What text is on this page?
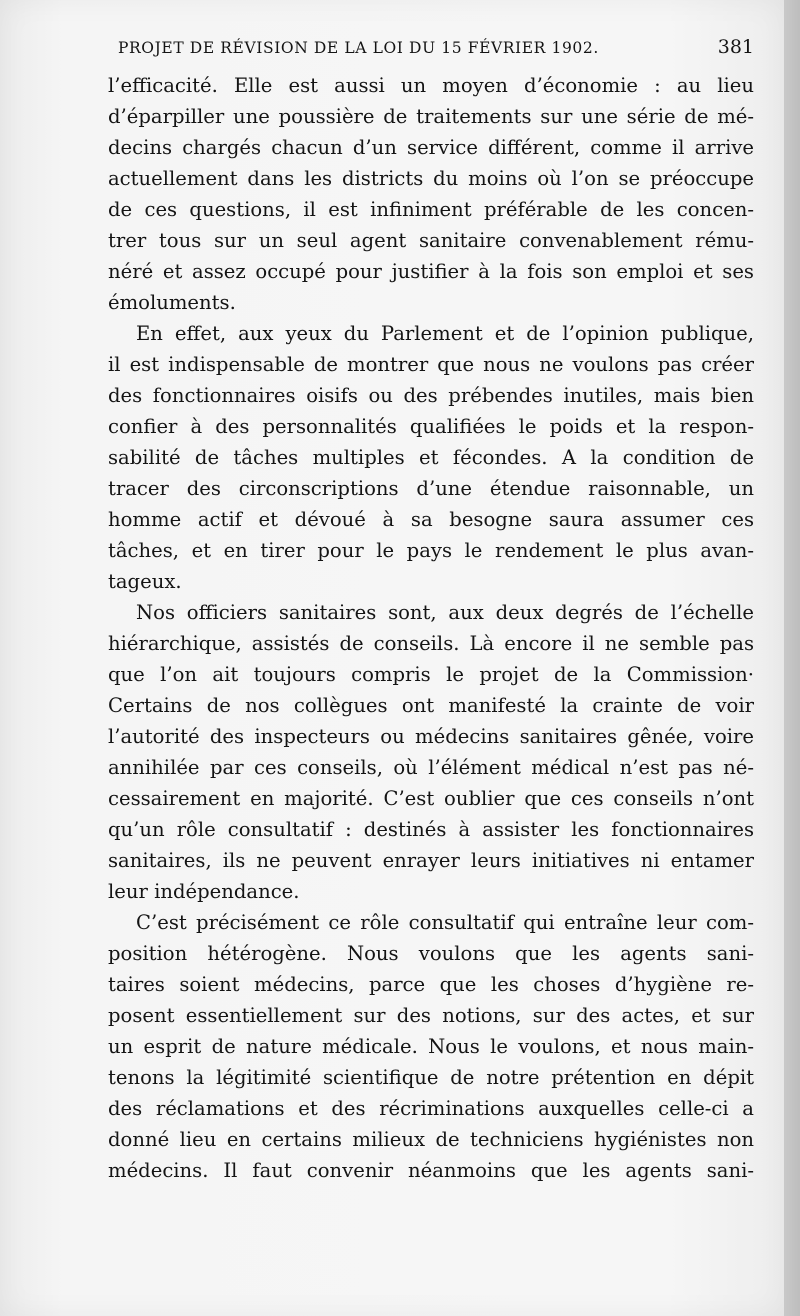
PROJET DE RÉVISION DE LA LOI DU 15 FÉVRIER 1902.	381
l’efficacité. Elle est aussi un moyen d’économie : au lieu
d’éparpiller une poussière de traitements sur une série de mé-
decins chargés chacun d’un service différent, comme il arrive
actuellement dans les districts du moins où l’on se préoccupe
de ces questions, il est infiniment préférable de les concen-
trer tous sur un seul agent sanitaire convenablement rému-
néré et assez occupé pour justifier à la fois son emploi et ses
émoluments.
En effet, aux yeux du Parlement et de l’opinion publique,
il est indispensable de montrer que nous ne voulons pas créer
des fonctionnaires oisifs ou des prébendes inutiles, mais bien
confier à des personnalités qualifiées le poids et la respon-
sabilité de tâches multiples et fécondes. A la condition de
tracer des circonscriptions d’une étendue raisonnable, un
homme actif et dévoué à sa besogne saura assumer ces
tâches, et en tirer pour le pays le rendement le plus avan-
tageux.
Nos officiers sanitaires sont, aux deux degrés de l’échelle
hiérarchique, assistés de conseils. Là encore il ne semble pas
que l’on ait toujours compris le projet de la Commission·
Certains de nos collègues ont manifesté la crainte de voir
l’autorité des inspecteurs ou médecins sanitaires gênée, voire
annihilée par ces conseils, où l’élément médical n’est pas né-
cessairement en majorité. C’est oublier que ces conseils n’ont
qu’un rôle consultatif : destinés à assister les fonctionnaires
sanitaires, ils ne peuvent enrayer leurs initiatives ni entamer
leur indépendance.
C’est précisément ce rôle consultatif qui entraîne leur com-
position hétérogène. Nous voulons que les agents sani-
taires soient médecins, parce que les choses d’hygiène re-
posent essentiellement sur des notions, sur des actes, et sur
un esprit de nature médicale. Nous le voulons, et nous main-
tenons la légitimité scientifique de notre prétention en dépit
des réclamations et des récriminations auxquelles celle-ci a
donné lieu en certains milieux de techniciens hygiénistes non
médecins. Il faut convenir néanmoins que les agents sani-
